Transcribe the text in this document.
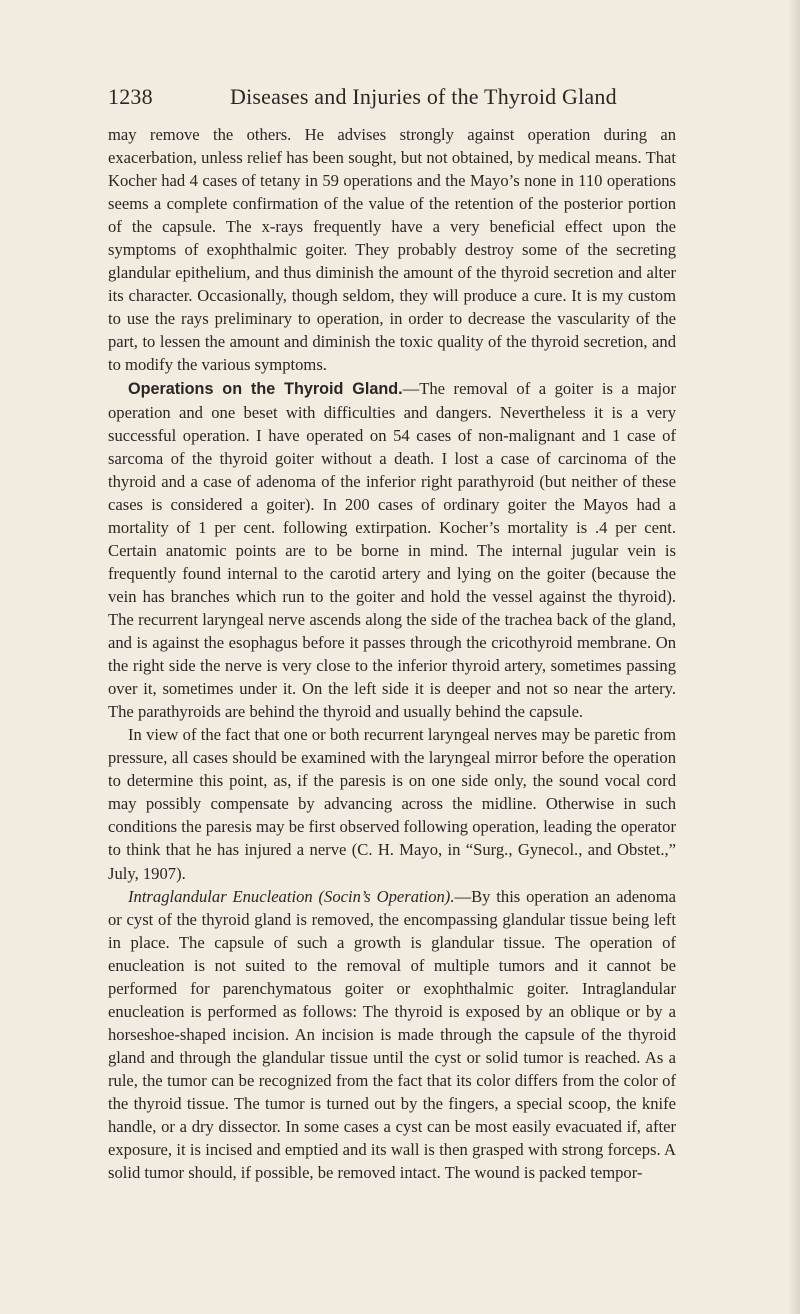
1238	Diseases and Injuries of the Thyroid Gland

may remove the others. He advises strongly against operation during an exacerbation, unless relief has been sought, but not obtained, by medical means. That Kocher had 4 cases of tetany in 59 operations and the Mayo’s none in 110 operations seems a complete confirmation of the value of the retention of the posterior portion of the capsule. The x-rays frequently have a very beneficial effect upon the symptoms of exophthalmic goiter. They probably destroy some of the secreting glandular epithelium, and thus diminish the amount of the thyroid secretion and alter its character. Occasionally, though seldom, they will produce a cure. It is my custom to use the rays preliminary to operation, in order to decrease the vascularity of the part, to lessen the amount and diminish the toxic quality of the thyroid secretion, and to modify the various symptoms.

Operations on the Thyroid Gland.—The removal of a goiter is a major operation and one beset with difficulties and dangers. Nevertheless it is a very successful operation. I have operated on 54 cases of non-malignant and 1 case of sarcoma of the thyroid goiter without a death. I lost a case of carcinoma of the thyroid and a case of adenoma of the inferior right parathyroid (but neither of these cases is considered a goiter). In 200 cases of ordinary goiter the Mayos had a mortality of 1 per cent. following extirpation. Kocher’s mortality is .4 per cent. Certain anatomic points are to be borne in mind. The internal jugular vein is frequently found internal to the carotid artery and lying on the goiter (because the vein has branches which run to the goiter and hold the vessel against the thyroid). The recurrent laryngeal nerve ascends along the side of the trachea back of the gland, and is against the esophagus before it passes through the cricothyroid membrane. On the right side the nerve is very close to the inferior thyroid artery, sometimes passing over it, sometimes under it. On the left side it is deeper and not so near the artery. The parathyroids are behind the thyroid and usually behind the capsule.

In view of the fact that one or both recurrent laryngeal nerves may be paretic from pressure, all cases should be examined with the laryngeal mirror before the operation to determine this point, as, if the paresis is on one side only, the sound vocal cord may possibly compensate by advancing across the midline. Otherwise in such conditions the paresis may be first observed following operation, leading the operator to think that he has injured a nerve (C. H. Mayo, in “Surg., Gynecol., and Obstet.,” July, 1907).

Intraglandular Enucleation (Socin’s Operation).—By this operation an adenoma or cyst of the thyroid gland is removed, the encompassing glandular tissue being left in place. The capsule of such a growth is glandular tissue. The operation of enucleation is not suited to the removal of multiple tumors and it cannot be performed for parenchymatous goiter or exophthalmic goiter. Intraglandular enucleation is performed as follows: The thyroid is exposed by an oblique or by a horseshoe-shaped incision. An incision is made through the capsule of the thyroid gland and through the glandular tissue until the cyst or solid tumor is reached. As a rule, the tumor can be recognized from the fact that its color differs from the color of the thyroid tissue. The tumor is turned out by the fingers, a special scoop, the knife handle, or a dry dissector. In some cases a cyst can be most easily evacuated if, after exposure, it is incised and emptied and its wall is then grasped with strong forceps. A solid tumor should, if possible, be removed intact. The wound is packed tempor-
